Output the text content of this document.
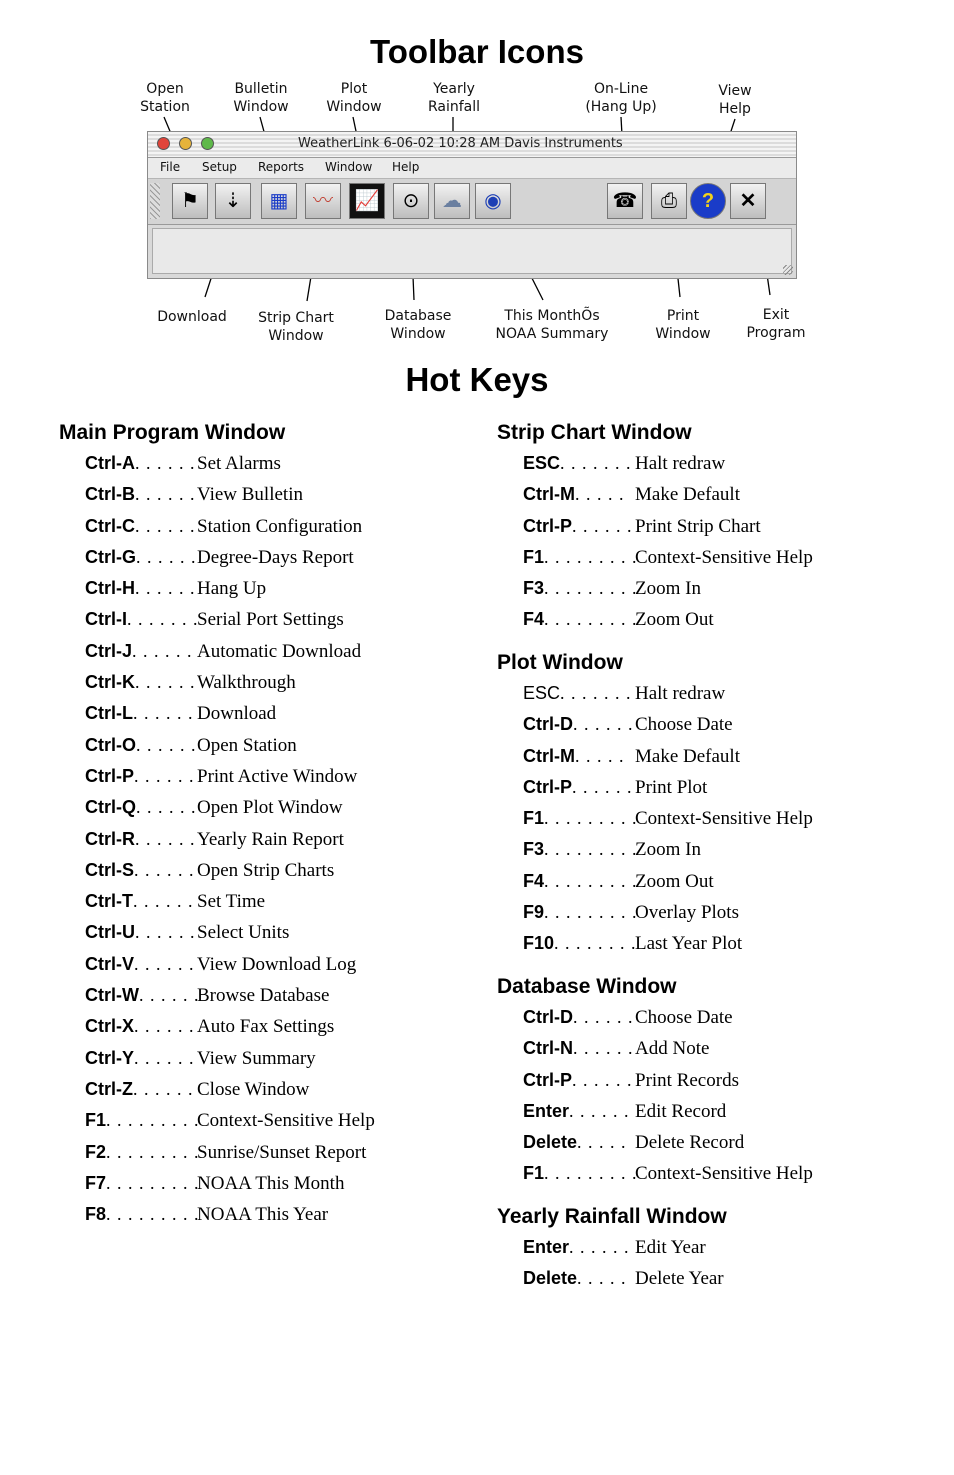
Toolbar Icons
Open
Station
Bulletin
Window
Plot
Window
Yearly
Rainfall
On-Line
(Hang Up)
View
Help
WeatherLink 6-06-02 10:28 AM Davis Instruments
File Setup Reports Window Help
⚑	⇣	▦	〰	📈	⊙	☁	◉	☎	⎙	?	✕
Download	Strip Chart
Window
Database
Window
This MonthÕs
NOAA Summary
Print
Window
Exit
Program
Hot Keys
Main Program Window
Ctrl-A . . . . . . Set Alarms
Ctrl-B . . . . . . View Bulletin
Ctrl-C . . . . . . Station Configuration
Ctrl-G . . . . . . Degree-Days Report
Ctrl-H . . . . . . Hang Up
Ctrl-I . . . . . . .
Serial Port Settings
Ctrl-J . . . . . . Automatic Download
Ctrl-K . . . . . . Walkthrough
Ctrl-L . . . . . . Download
Ctrl-O . . . . . . Open Station
Ctrl-P . . . . . . Print Active Window
Ctrl-Q . . . . . . Open Plot Window
Ctrl-R . . . . . . Yearly Rain Report
Ctrl-S . . . . . . Open Strip Charts
Ctrl-T . . . . . . Set Time
Ctrl-U . . . . . . Select Units
Ctrl-V . . . . . . View Download Log
Ctrl-W . . . . . .
Browse Database
Ctrl-X . . . . . . Auto Fax Settings
Ctrl-Y . . . . . . View Summary
Ctrl-Z . . . . . . Close Window
F1 . . . . . . . . .
Context-Sensitive Help
F2 . . . . . . . . .
Sunrise/Sunset Report
F7 . . . . . . . . .
NOAA This Month
F8 . . . . . . . . .
NOAA This Year
Strip Chart Window
ESC . . . . . . . Halt redraw
Ctrl-M . . . . . Make Default
Ctrl-P . . . . . . Print Strip Chart
F1 . . . . . . . . .
Context-Sensitive Help
F3 . . . . . . . . .
Zoom In
F4 . . . . . . . . .
Zoom Out
Plot Window
ESC . . . . . . . Halt redraw
Ctrl-D . . . . . . Choose Date
Ctrl-M . . . . . Make Default
Ctrl-P . . . . . . Print Plot
F1 . . . . . . . . .
Context-Sensitive Help
F3 . . . . . . . . .
Zoom In
F4 . . . . . . . . .
Zoom Out
F9 . . . . . . . . .
Overlay Plots
F10 . . . . . . . .
Last Year Plot
Database Window
Ctrl-D . . . . . . Choose Date
Ctrl-N . . . . . . Add Note
Ctrl-P . . . . . . Print Records
Enter . . . . . . Edit Record
Delete . . . . . Delete Record
F1 . . . . . . . . .
Context-Sensitive Help
Yearly Rainfall Window
Enter . . . . . . Edit Year
Delete . . . . . Delete Year
